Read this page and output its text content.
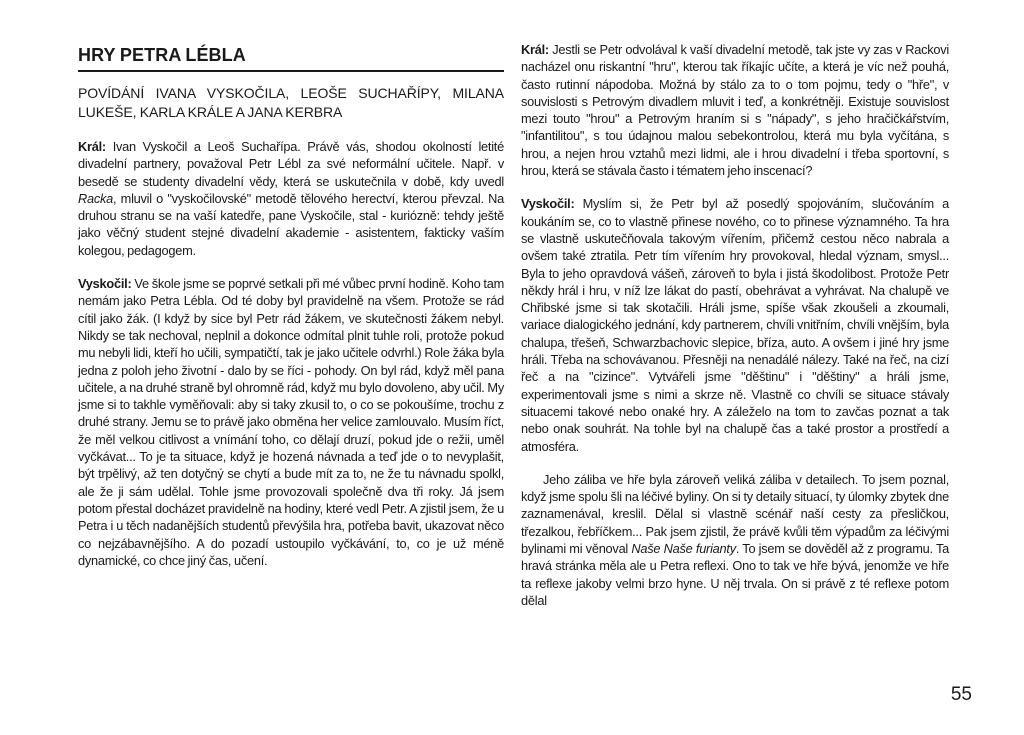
HRY PETRA LÉBLA
POVÍDÁNÍ IVANA VYSKOČILA, LEOŠE SUCHAŘÍPY, MILANA LUKEŠE, KARLA KRÁLE A JANA KERBRA

Král: Ivan Vyskočil a Leoš Suchařípa. Právě vás, shodou okolností letité divadelní partnery, považoval Petr Lébl za své neformální učitele. Např. v besedě se studenty divadelní vědy, která se uskutečnila v době, kdy uvedl Racka, mluvil o "vyskočilovské" metodě tělového herectví, kterou převzal. Na druhou stranu se na vaší katedře, pane Vyskočile, stal - kuriózně: tehdy ještě jako věčný student stejné divadelní akademie - asistentem, fakticky vaším kolegou, pedagogem.

Vyskočil: Ve škole jsme se poprvé setkali při mé vůbec první hodině. Koho tam nemám jako Petra Lébla. Od té doby byl pravidelně na všem. Protože se rád cítil jako žák. (I když by sice byl Petr rád žákem, ve skutečnosti žákem nebyl. Nikdy se tak nechoval, neplnil a dokonce odmítal plnit tuhle roli, protože pokud mu nebyli lidi, kteří ho učili, sympatičtí, tak je jako učitele odvrhl.) Role žáka byla jedna z poloh jeho životní - dalo by se říci - pohody. On byl rád, když měl pana učitele, a na druhé straně byl ohromně rád, když mu bylo dovoleno, aby učil. My jsme si to takhle vyměňovali: aby si taky zkusil to, o co se pokoušíme, trochu z druhé strany. Jemu se to právě jako obměna her velice zamlouvalo. Musím říct, že měl velkou citlivost a vnímání toho, co dělají druzí, pokud jde o režii, uměl vyčkávat... To je ta situace, když je hozená návnada a teď jde o to nevyplašit, být trpělivý, až ten dotyčný se chytí a bude mít za to, ne že tu návnadu spolkl, ale že ji sám udělal. Tohle jsme provozovali společně dva tři roky. Já jsem potom přestal docházet pravidelně na hodiny, které vedl Petr. A zjistil jsem, že u Petra i u těch nadanějších studentů převýšila hra, potřeba bavit, ukazovat něco co nejzábavnějšího. A do pozadí ustoupilo vyčkávání, to, co je už méně dynamické, co chce jiný čas, učení.

Král: Jestli se Petr odvolával k vaší divadelní metodě, tak jste vy zas v Rackovi nacházel onu riskantní "hru", kterou tak říkajíc učíte, a která je víc než pouhá, často rutinní nápodoba. Možná by stálo za to o tom pojmu, tedy o "hře", v souvislosti s Petrovým divadlem mluvit i teď, a konkrétněji. Existuje souvislost mezi touto "hrou" a Petrovým hraním si s "nápady", s jeho hračičkářstvím, "infantilitou", s tou údajnou malou sebekontrolou, která mu byla vyčítána, s hrou, a nejen hrou vztahů mezi lidmi, ale i hrou divadelní i třeba sportovní, s hrou, která se stávala často i tématem jeho inscenací?

Vyskočil: Myslím si, že Petr byl až posedlý spojováním, slučováním a koukáním se, co to vlastně přinese nového, co to přinese významného. Ta hra se vlastně uskutečňovala takovým vířením, přičemž cestou něco nabrala a ovšem také ztratila. Petr tím vířením hry provokoval, hledal význam, smysl... Byla to jeho opravdová vášeň, zároveň to byla i jistá škodolibost. Protože Petr někdy hrál i hru, v níž lze lákat do pastí, obehrávat a vyhrávat. Na chalupě ve Chřibské jsme si tak skotačili. Hráli jsme, spíše však zkoušeli a zkoumali, variace dialogického jednání, kdy partnerem, chvíli vnitřním, chvíli vnějším, byla chalupa, třešeň, Schwarzbachovic slepice, bříza, auto. A ovšem i jiné hry jsme hráli. Třeba na schovávanou. Přesněji na nenadálé nálezy. Také na řeč, na cizí řeč a na "cizince". Vytvářeli jsme "děštinu" i "děštiny" a hráli jsme, experimentovali jsme s nimi a skrze ně. Vlastně co chvíli se situace stávaly situacemi takové nebo onaké hry. A záleželo na tom to zavčas poznat a tak nebo onak souhrát. Na tohle byl na chalupě čas a také prostor a prostředí a atmosféra.

Jeho záliba ve hře byla zároveň veliká záliba v detailech. To jsem poznal, když jsme spolu šli na léčivé byliny. On si ty detaily situací, ty úlomky zbytek dne zaznamenával, kreslil. Dělal si vlastně scénář naší cesty za přesličkou, třezalkou, řebříčkem... Pak jsem zjistil, že právě kvůli těm výpadům za léčivými bylinami mi věnoval Naše Naše furianty. To jsem se dověděl až z programu. Ta hravá stránka měla ale u Petra reflexi. Ono to tak ve hře bývá, jenomže ve hře ta reflexe jakoby velmi brzo hyne. U něj trvala. On si právě z té reflexe potom dělal

55
